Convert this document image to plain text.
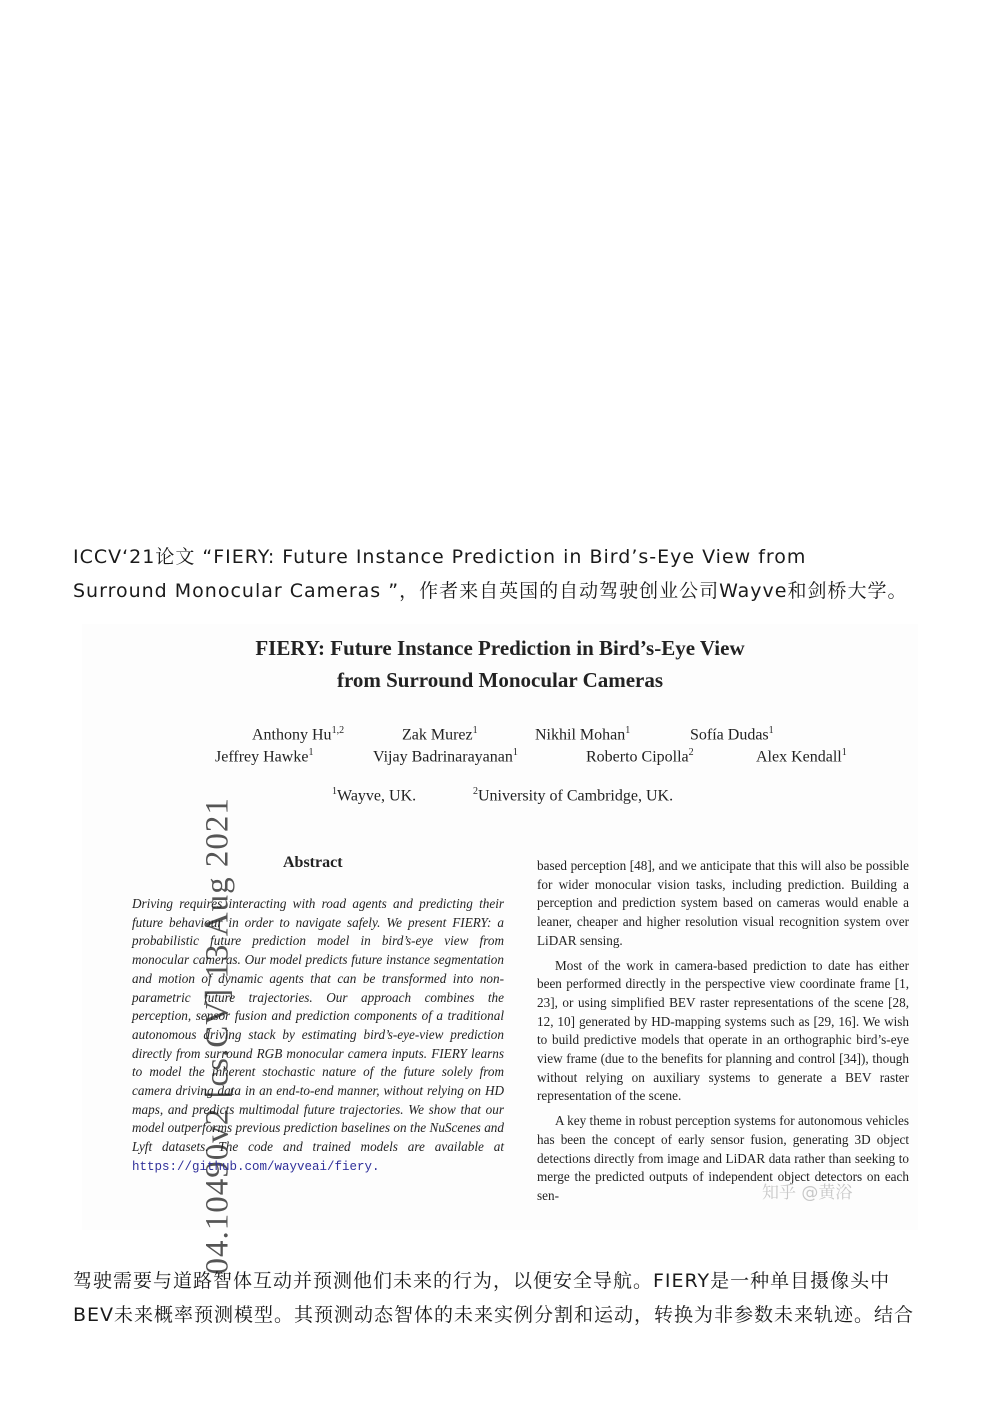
ICCV‘21论文 “FIERY: Future Instance Prediction in Bird’s-Eye View from
Surround Monocular Cameras ”，作者来自英国的自动驾驶创业公司Wayve和剑桥大学。
FIERY: Future Instance Prediction in Bird’s-Eye View
from Surround Monocular Cameras
Anthony Hu$^{1,2}$	Zak Murez$^1$	Nikhil Mohan$^1$	Sofía Dudas$^1$
Jeffrey Hawke$^1$	Vijay Badrinarayanan$^1$	Roberto Cipolla$^2$	Alex Kendall$^1$
$^1$Wayve, UK.	$^2$University of Cambridge, UK.
04.10490v2 [cs.CV] 13 Aug 2021	Abstract
Driving requires interacting with road agents and predicting their future behaviour in order to navigate safely. We present FIERY: a probabilistic future prediction model in bird’s-eye view from monocular cameras. Our model predicts future instance segmentation and motion of dynamic agents that can be transformed into non-parametric future trajectories. Our approach combines the perception, sensor fusion and prediction components of a traditional autonomous driving stack by estimating bird’s-eye-view prediction directly from surround RGB monocular camera inputs. FIERY learns to model the inherent stochastic nature of the future solely from camera driving data in an end-to-end manner, without relying on HD maps, and predicts multimodal future trajectories. We show that our model outperforms previous prediction baselines on the NuScenes and Lyft datasets. The code and trained models are available at https://github.com/wayveai/fiery.

based perception [48], and we anticipate that this will also be possible for wider monocular vision tasks, including prediction. Building a perception and prediction system based on cameras would enable a leaner, cheaper and higher resolution visual recognition system over LiDAR sensing.

Most of the work in camera-based prediction to date has either been performed directly in the perspective view coordinate frame [1, 23], or using simplified BEV raster representations of the scene [28, 12, 10] generated by HD-mapping systems such as [29, 16]. We wish to build predictive models that operate in an orthographic bird’s-eye view frame (due to the benefits for planning and control [34]), though without relying on auxiliary systems to generate a BEV raster representation of the scene.

A key theme in robust perception systems for autonomous vehicles has been the concept of early sensor fusion, generating 3D object detections directly from image and LiDAR data rather than seeking to merge the predicted outputs of independent object detectors on each sen-	知乎 @黄浴
驾驶需要与道路智体互动并预测他们未来的行为，以便安全导航。FIERY是一种单目摄像头中
BEV未来概率预测模型。其预测动态智体的未来实例分割和运动，转换为非参数未来轨迹。结合
